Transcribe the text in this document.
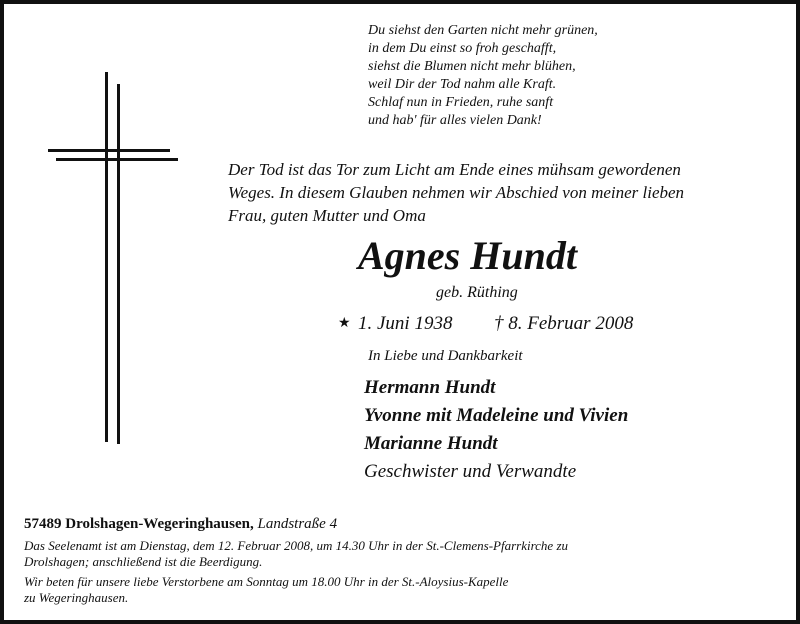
Du siehst den Garten nicht mehr grünen,
in dem Du einst so froh geschafft,
siehst die Blumen nicht mehr blühen,
weil Dir der Tod nahm alle Kraft.
Schlaf nun in Frieden, ruhe sanft
und hab' für alles vielen Dank!
Der Tod ist das Tor zum Licht am Ende eines mühsam gewordenen
Weges. In diesem Glauben nehmen wir Abschied von meiner lieben
Frau, guten Mutter und Oma
Agnes Hundt
geb. Rüthing
★ 1. Juni 1938 † 8. Februar 2008
In Liebe und Dankbarkeit
Hermann Hundt
Yvonne mit Madeleine und Vivien
Marianne Hundt
Geschwister und Verwandte
57489 Drolshagen-Wegeringhausen, Landstraße 4
Das Seelenamt ist am Dienstag, dem 12. Februar 2008, um 14.30 Uhr in der St.-Clemens-Pfarrkirche zu
Drolshagen; anschließend ist die Beerdigung.
Wir beten für unsere liebe Verstorbene am Sonntag um 18.00 Uhr in der St.-Aloysius-Kapelle
zu Wegeringhausen.
